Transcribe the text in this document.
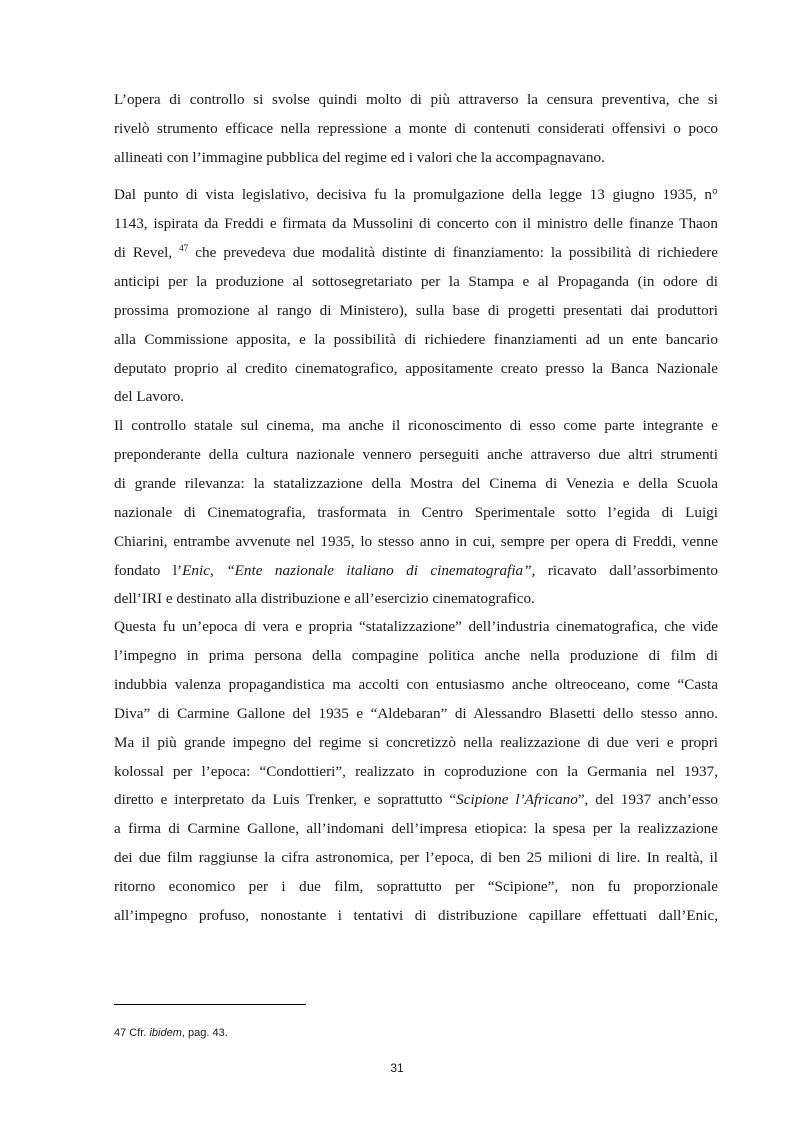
L’opera di controllo si svolse quindi molto di più attraverso la censura preventiva, che si

rivelò strumento efficace nella repressione a monte di contenuti considerati offensivi o poco

allineati con l’immagine pubblica del regime ed i valori che la accompagnavano.

Dal punto di vista legislativo, decisiva fu la promulgazione della legge 13 giugno 1935, n°

1143, ispirata da Freddi e firmata da Mussolini di concerto con il ministro delle finanze Thaon

di Revel, $^{47}$ che prevedeva due modalità distinte di finanziamento: la possibilità di richiedere

anticipi per la produzione al sottosegretariato per la Stampa e al Propaganda (in odore di

prossima promozione al rango di Ministero), sulla base di progetti presentati dai produttori

alla Commissione apposita, e la possibilità di richiedere finanziamenti ad un ente bancario

deputato proprio al credito cinematografico, appositamente creato presso la Banca Nazionale

del Lavoro.

Il controllo statale sul cinema, ma anche il riconoscimento di esso come parte integrante e

preponderante della cultura nazionale vennero perseguiti anche attraverso due altri strumenti

di grande rilevanza: la statalizzazione della Mostra del Cinema di Venezia e della Scuola

nazionale di Cinematografia, trasformata in Centro Sperimentale sotto l’egida di Luigi

Chiarini, entrambe avvenute nel 1935, lo stesso anno in cui, sempre per opera di Freddi, venne

fondato l’Enic, “Ente nazionale italiano di cinematografia”, ricavato dall’assorbimento

dell’IRI e destinato alla distribuzione e all’esercizio cinematografico.

Questa fu un’epoca di vera e propria “statalizzazione” dell’industria cinematografica, che vide

l’impegno in prima persona della compagine politica anche nella produzione di film di

indubbia valenza propagandistica ma accolti con entusiasmo anche oltreoceano, come “Casta

Diva” di Carmine Gallone del 1935 e “Aldebaran” di Alessandro Blasetti dello stesso anno.

Ma il più grande impegno del regime si concretizzò nella realizzazione di due veri e propri

kolossal per l’epoca: “Condottieri”, realizzato in coproduzione con la Germania nel 1937,

diretto e interpretato da Luis Trenker, e soprattutto “Scipione l’Africano”, del 1937 anch’esso

a firma di Carmine Gallone, all’indomani dell’impresa etiopica: la spesa per la realizzazione

dei due film raggiunse la cifra astronomica, per l’epoca, di ben 25 milioni di lire. In realtà, il

ritorno economico per i due film, soprattutto per “Scipione”, non fu proporzionale

all’impegno profuso, nonostante i tentativi di distribuzione capillare effettuati dall’Enic,

47 Cfr. ibidem, pag. 43.
31
